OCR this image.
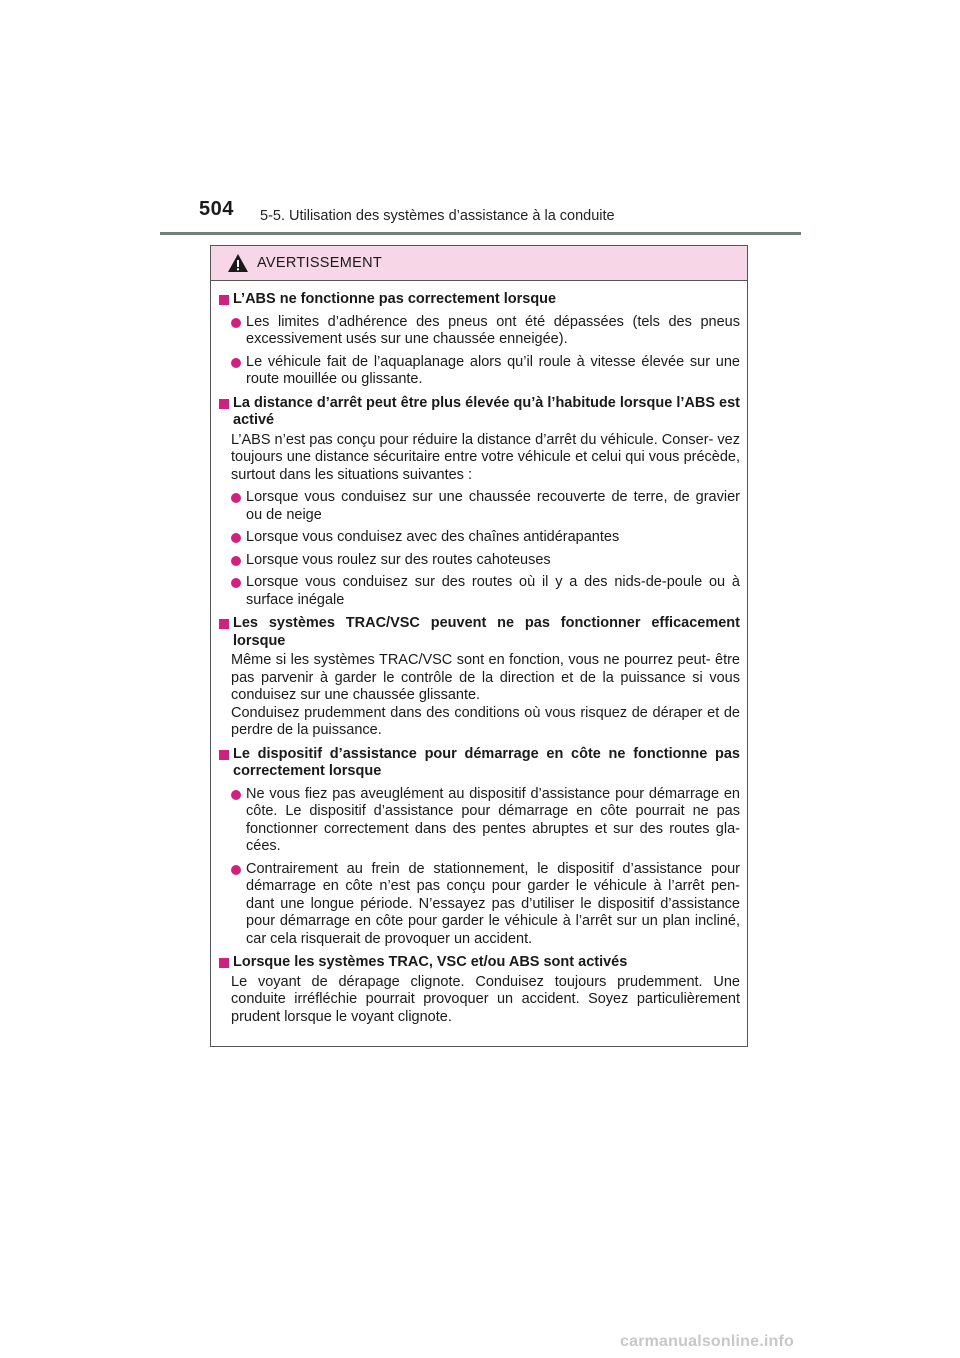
504 5-5. Utilisation des systèmes d’assistance à la conduite
AVERTISSEMENT
L’ABS ne fonctionne pas correctement lorsque
Les limites d’adhérence des pneus ont été dépassées (tels des pneus excessivement usés sur une chaussée enneigée).
Le véhicule fait de l’aquaplanage alors qu’il roule à vitesse élevée sur une route mouillée ou glissante.
La distance d’arrêt peut être plus élevée qu’à l’habitude lorsque l’ABS est activé
L’ABS n’est pas conçu pour réduire la distance d’arrêt du véhicule. Conser- vez toujours une distance sécuritaire entre votre véhicule et celui qui vous précède, surtout dans les situations suivantes :
Lorsque vous conduisez sur une chaussée recouverte de terre, de gravier ou de neige
Lorsque vous conduisez avec des chaînes antidérapantes
Lorsque vous roulez sur des routes cahoteuses
Lorsque vous conduisez sur des routes où il y a des nids-de-poule ou à surface inégale
Les systèmes TRAC/VSC peuvent ne pas fonctionner efficacement lorsque
Même si les systèmes TRAC/VSC sont en fonction, vous ne pourrez peut- être pas parvenir à garder le contrôle de la direction et de la puissance si vous conduisez sur une chaussée glissante.
Conduisez prudemment dans des conditions où vous risquez de déraper et de perdre de la puissance.
Le dispositif d’assistance pour démarrage en côte ne fonctionne pas correctement lorsque
Ne vous fiez pas aveuglément au dispositif d’assistance pour démarrage en côte. Le dispositif d’assistance pour démarrage en côte pourrait ne pas fonctionner correctement dans des pentes abruptes et sur des routes gla- cées.
Contrairement au frein de stationnement, le dispositif d’assistance pour démarrage en côte n’est pas conçu pour garder le véhicule à l’arrêt pen- dant une longue période. N’essayez pas d’utiliser le dispositif d’assistance pour démarrage en côte pour garder le véhicule à l’arrêt sur un plan incliné, car cela risquerait de provoquer un accident.
Lorsque les systèmes TRAC, VSC et/ou ABS sont activés
Le voyant de dérapage clignote. Conduisez toujours prudemment. Une conduite irréfléchie pourrait provoquer un accident. Soyez particulièrement prudent lorsque le voyant clignote.
carmanualsonline.info
